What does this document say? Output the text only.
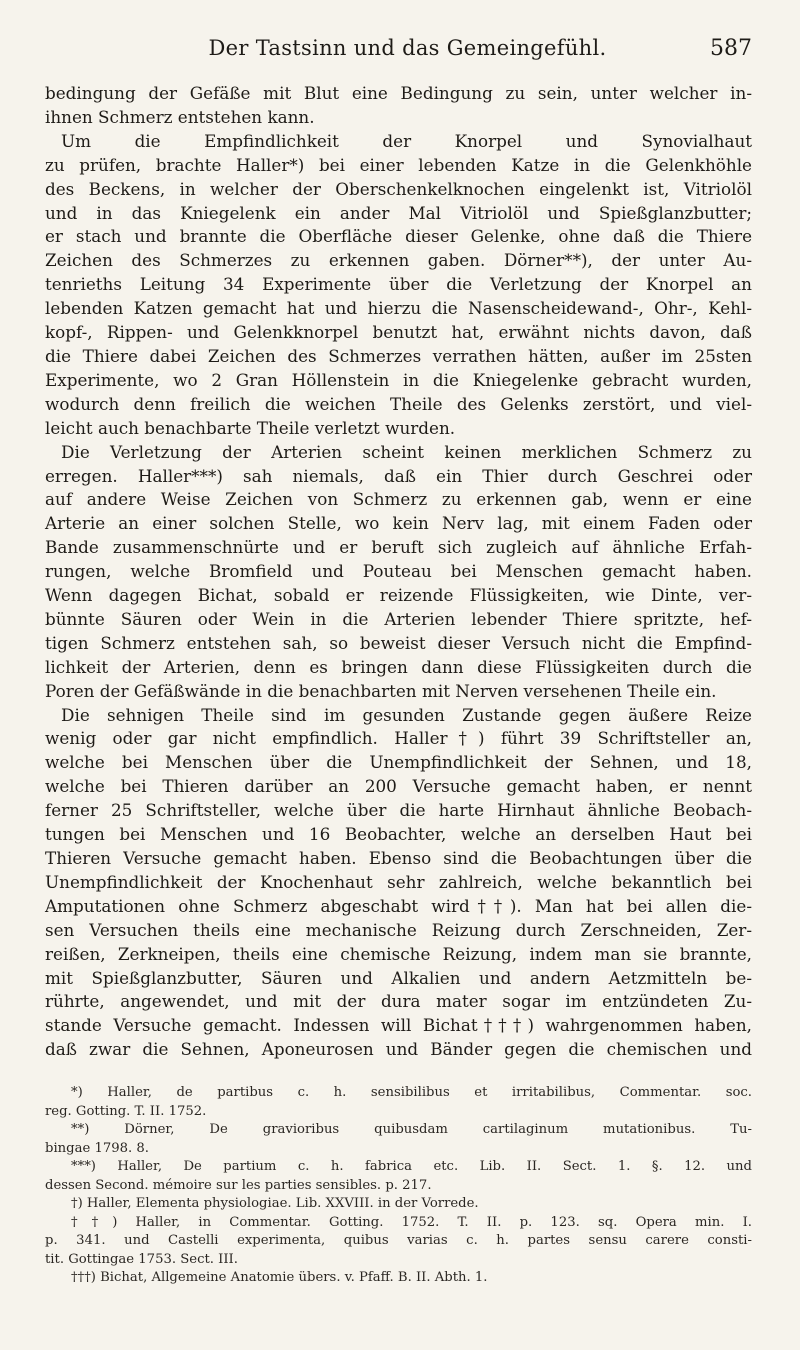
Der Tastsinn und das Gemeingefühl.	587
bedingung der Gefäße mit Blut eine Bedingung zu sein, unter welcher in-
ihnen Schmerz entstehen kann.
Um die Empfindlichkeit der Knorpel und Synovialhaut
zu prüfen, brachte Haller*) bei einer lebenden Katze in die Gelenkhöhle
des Beckens, in welcher der Oberschenkelknochen eingelenkt ist, Vitriolöl
und in das Kniegelenk ein ander Mal Vitriolöl und Spießglanzbutter;
er stach und brannte die Oberfläche dieser Gelenke, ohne daß die Thiere
Zeichen des Schmerzes zu erkennen gaben. Dörner**), der unter Au-
tenrieths Leitung 34 Experimente über die Verletzung der Knorpel an
lebenden Katzen gemacht hat und hierzu die Nasenscheidewand-, Ohr-, Kehl-
kopf-, Rippen- und Gelenkknorpel benutzt hat, erwähnt nichts davon, daß
die Thiere dabei Zeichen des Schmerzes verrathen hätten, außer im 25sten
Experimente, wo 2 Gran Höllenstein in die Kniegelenke gebracht wurden,
wodurch denn freilich die weichen Theile des Gelenks zerstört, und viel-
leicht auch benachbarte Theile verletzt wurden.
Die Verletzung der Arterien scheint keinen merklichen Schmerz zu
erregen. Haller***) sah niemals, daß ein Thier durch Geschrei oder
auf andere Weise Zeichen von Schmerz zu erkennen gab, wenn er eine
Arterie an einer solchen Stelle, wo kein Nerv lag, mit einem Faden oder
Bande zusammenschnürte und er beruft sich zugleich auf ähnliche Erfah-
rungen, welche Bromfield und Pouteau bei Menschen gemacht haben.
Wenn dagegen Bichat, sobald er reizende Flüssigkeiten, wie Dinte, ver-
bünnte Säuren oder Wein in die Arterien lebender Thiere spritzte, hef-
tigen Schmerz entstehen sah, so beweist dieser Versuch nicht die Empfind-
lichkeit der Arterien, denn es bringen dann diese Flüssigkeiten durch die
Poren der Gefäßwände in die benachbarten mit Nerven versehenen Theile ein.
Die sehnigen Theile sind im gesunden Zustande gegen äußere Reize
wenig oder gar nicht empfindlich. Haller†) führt 39 Schriftsteller an,
welche bei Menschen über die Unempfindlichkeit der Sehnen, und 18,
welche bei Thieren darüber an 200 Versuche gemacht haben, er nennt
ferner 25 Schriftsteller, welche über die harte Hirnhaut ähnliche Beobach-
tungen bei Menschen und 16 Beobachter, welche an derselben Haut bei
Thieren Versuche gemacht haben. Ebenso sind die Beobachtungen über die
Unempfindlichkeit der Knochenhaut sehr zahlreich, welche bekanntlich bei
Amputationen ohne Schmerz abgeschabt wird††). Man hat bei allen die-
sen Versuchen theils eine mechanische Reizung durch Zerschneiden, Zer-
reißen, Zerkneipen, theils eine chemische Reizung, indem man sie brannte,
mit Spießglanzbutter, Säuren und Alkalien und andern Aetzmitteln be-
rührte, angewendet, und mit der dura mater sogar im entzündeten Zu-
stande Versuche gemacht. Indessen will Bichat†††) wahrgenommen haben,
daß zwar die Sehnen, Aponeurosen und Bänder gegen die chemischen und
*) Haller, de partibus c. h. sensibilibus et irritabilibus, Commentar. soc.
reg. Gotting. T. II. 1752.
**) Dörner, De gravioribus quibusdam cartilaginum mutationibus. Tu-
bingae 1798. 8.
***) Haller, De partium c. h. fabrica etc. Lib. II. Sect. 1. §. 12. und
dessen Second. mémoire sur les parties sensibles. p. 217.
†) Haller, Elementa physiologiae. Lib. XXVIII. in der Vorrede.
††) Haller, in Commentar. Gotting. 1752. T. II. p. 123. sq. Opera min. I.
p. 341. und Castelli experimenta, quibus varias c. h. partes sensu carere consti-
tit. Gottingae 1753. Sect. III.
†††) Bichat, Allgemeine Anatomie übers. v. Pfaff. B. II. Abth. 1.
